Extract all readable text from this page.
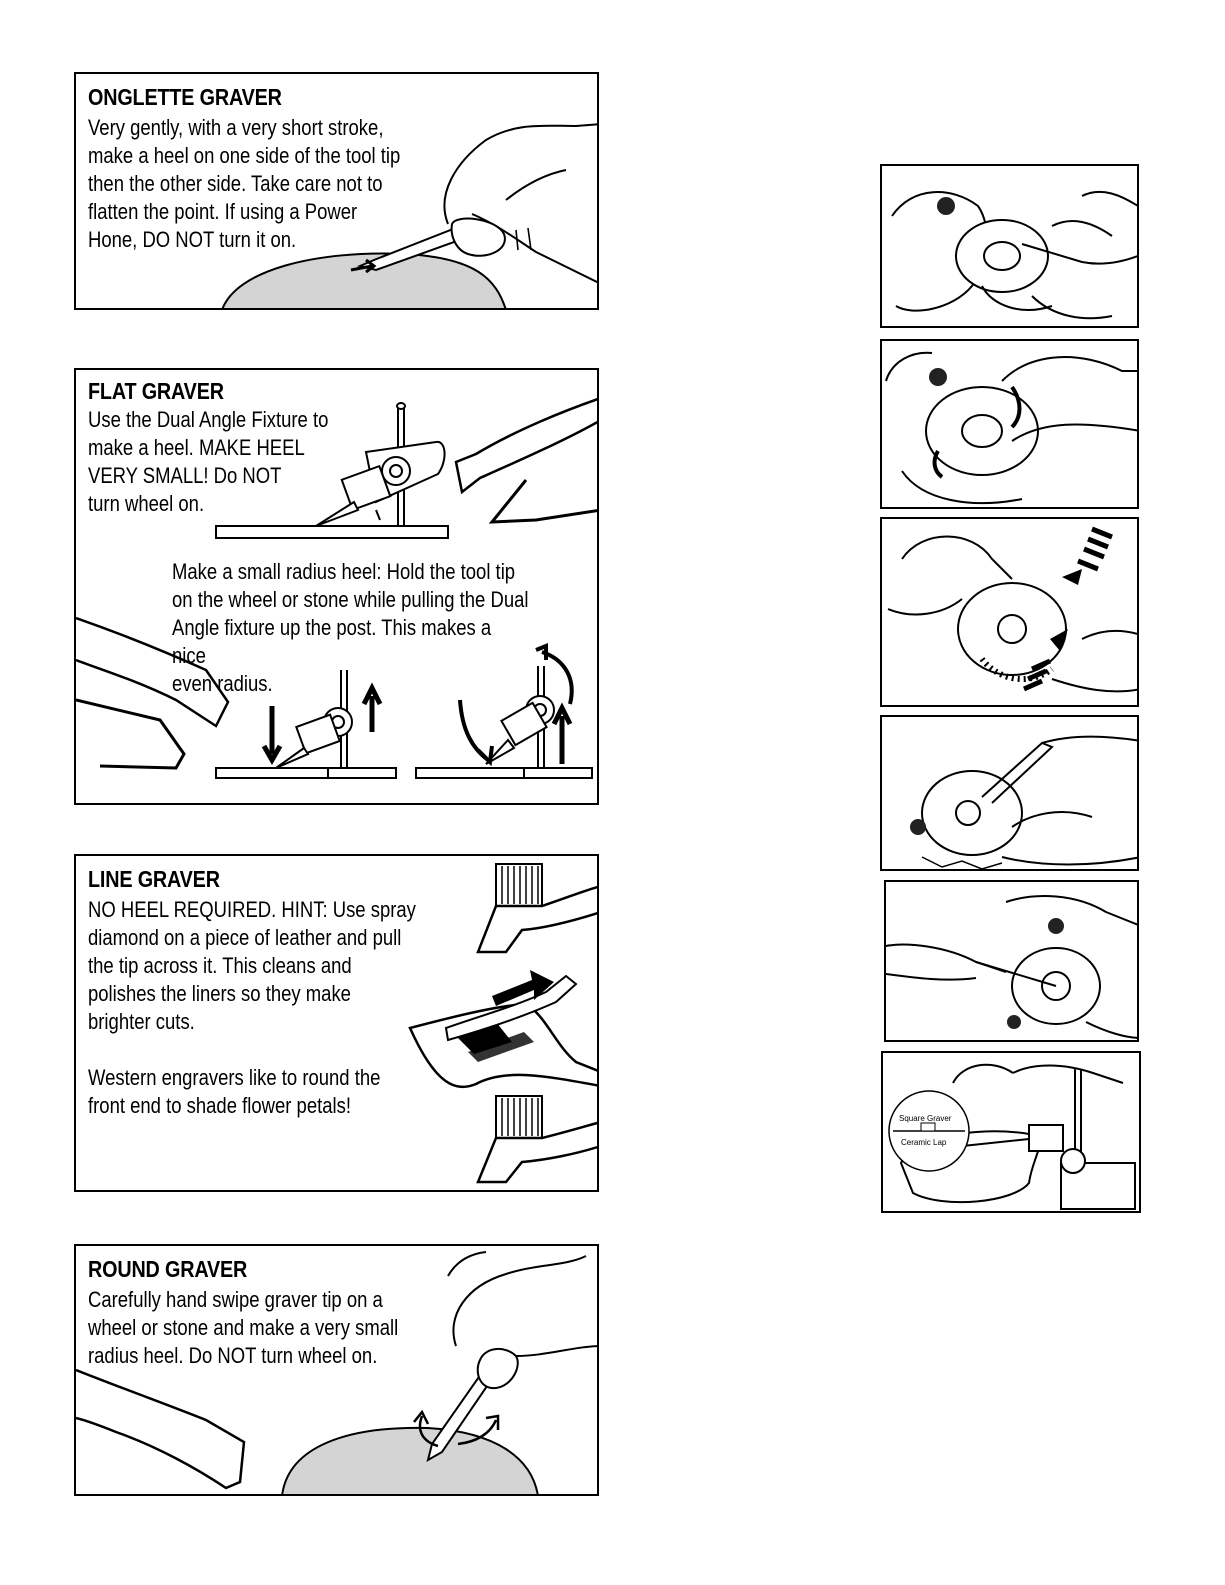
ONGLETTE GRAVER
Very gently, with a very short stroke,
make a heel on one side of the tool tip
then the other side. Take care not to
flatten the point. If using a Power
Hone, DO NOT turn it on.
FLAT GRAVER
Use the Dual Angle Fixture to
make a heel. MAKE HEEL
VERY SMALL! Do NOT
turn wheel on.
Make a small radius heel: Hold the tool tip
on the wheel or stone while pulling the Dual
Angle fixture up the post. This makes a nice
even radius.
LINE GRAVER
NO HEEL REQUIRED. HINT: Use spray
diamond on a piece of leather and pull
the tip across it. This cleans and
polishes the liners so they make
brighter cuts.
Western engravers like to round the
front end to shade flower petals!
ROUND GRAVER
Carefully hand swipe graver tip on a
wheel or stone and make a very small
radius heel. Do NOT turn wheel on.
Square Graver
Ceramic Lap
